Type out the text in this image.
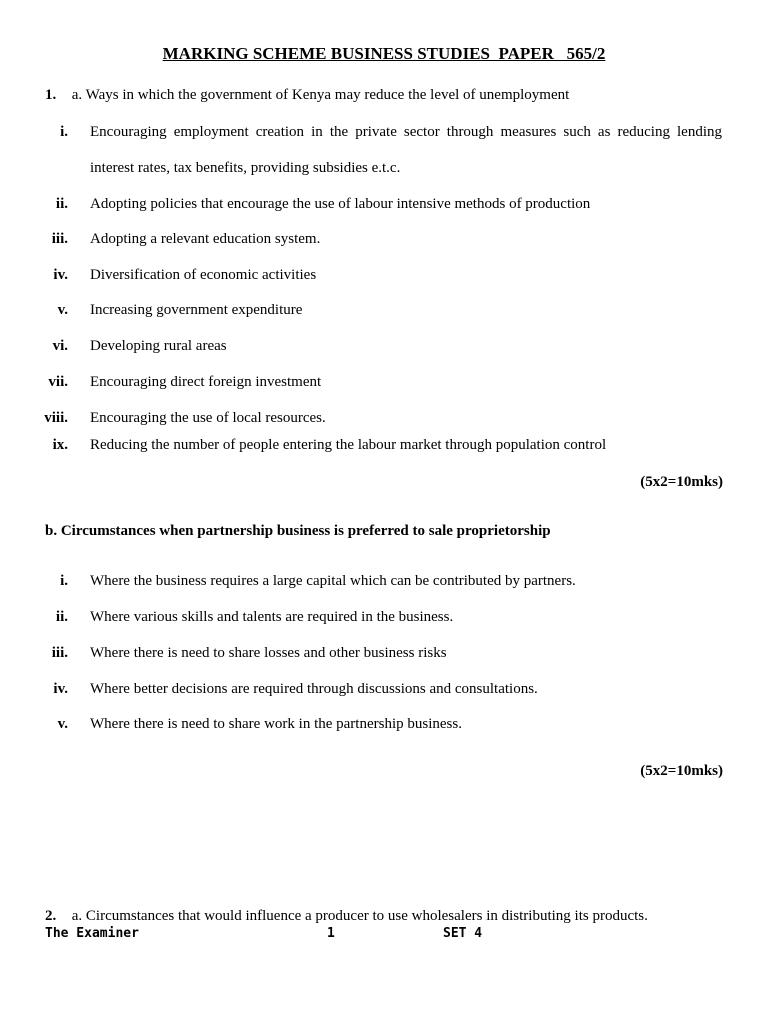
MARKING SCHEME BUSINESS STUDIES  PAPER   565/2
1. a. Ways in which the government of Kenya may reduce the level of unemployment
i. Encouraging employment creation in the private sector through measures such as reducing lending interest rates, tax benefits, providing subsidies e.t.c.
ii. Adopting policies that encourage the use of labour intensive methods of production
iii. Adopting a relevant education system.
iv. Diversification of economic activities
v. Increasing government expenditure
vi. Developing rural areas
vii. Encouraging direct foreign investment
viii. Encouraging the use of local resources.
ix. Reducing the number of people entering the labour market through population control
(5x2=10mks)
b. Circumstances when partnership business is preferred to sale proprietorship
i. Where the business requires a large capital which can be contributed by partners.
ii. Where various skills and talents are required in the business.
iii. Where there is need to share losses and other business risks
iv. Where better decisions are required through discussions and consultations.
v. Where there is need to share work in the partnership business.
(5x2=10mks)
2. a. Circumstances that would influence a producer to use wholesalers in distributing its products.
The Examiner	1	SET 4
